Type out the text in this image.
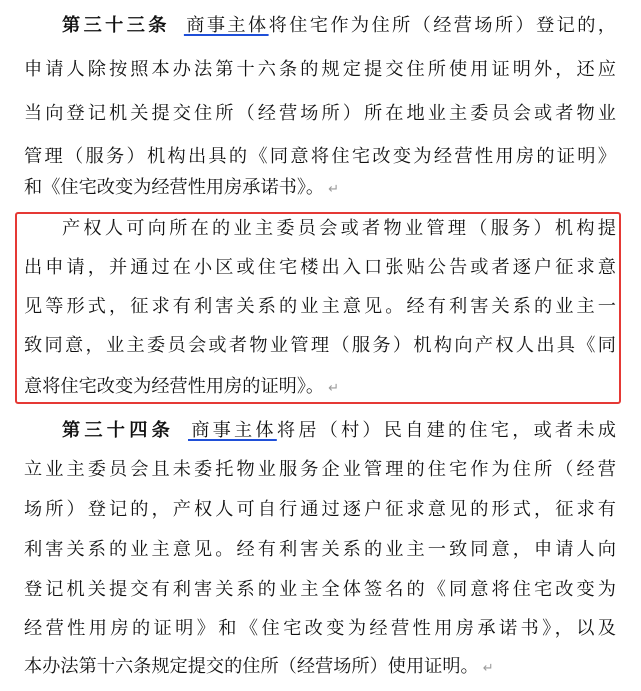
第三十三条 商事主体将住宅作为住所（经营场所）登记的，
申请人除按照本办法第十六条的规定提交住所使用证明外，还应
当向登记机关提交住所（经营场所）所在地业主委员会或者物业
管理（服务）机构出具的《同意将住宅改变为经营性用房的证明》
和《住宅改变为经营性用房承诺书》。 ↵
产权人可向所在的业主委员会或者物业管理（服务）机构提
出申请，并通过在小区或住宅楼出入口张贴公告或者逐户征求意
见等形式，征求有利害关系的业主意见。经有利害关系的业主一
致同意，业主委员会或者物业管理（服务）机构向产权人出具《同
意将住宅改变为经营性用房的证明》。 ↵
第三十四条 商事主体将居（村）民自建的住宅，或者未成
立业主委员会且未委托物业服务企业管理的住宅作为住所（经营
场所）登记的，产权人可自行通过逐户征求意见的形式，征求有
利害关系的业主意见。经有利害关系的业主一致同意，申请人向
登记机关提交有利害关系的业主全体签名的《同意将住宅改变为
经营性用房的证明》和《住宅改变为经营性用房承诺书》，以及
本办法第十六条规定提交的住所（经营场所）使用证明。 ↵
